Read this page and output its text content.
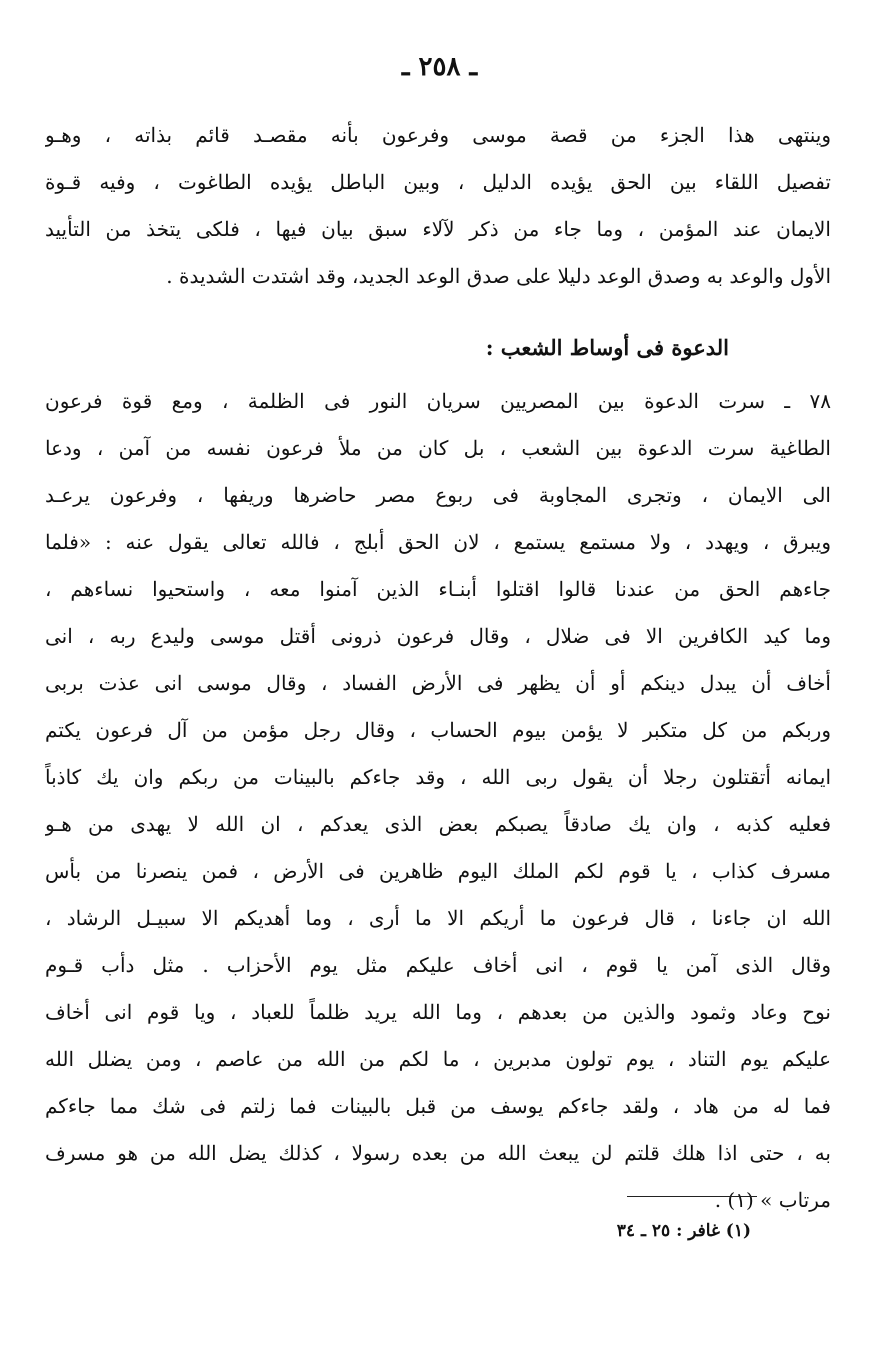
ـ ٢٥٨ ـ
وينتهى هذا الجزء من قصة موسى وفرعون بأنه مقصـد قائم بذاته ، وهـو
تفصيل اللقاء بين الحق يؤيده الدليل ، وبين الباطل يؤيده الطاغوت ، وفيه قـوة
الايمان عند المؤمن ، وما جاء من ذكر لآلاء سبق بيان فيها ، فلكى يتخذ من التأييد
الأول والوعد به وصدق الوعد دليلا على صدق الوعد الجديد، وقد اشتدت الشديدة .
الدعوة فى أوساط الشعب :
٧٨ ـ سرت الدعوة بين المصريين سريان النور فى الظلمة ، ومع قوة فرعون
الطاغية سرت الدعوة بين الشعب ، بل كان من ملأ فرعون نفسه من آمن ، ودعا
الى الايمان ، وتجرى المجاوبة فى ربوع مصر حاضرها وريفها ، وفرعون يرعـد
ويبرق ، ويهدد ، ولا مستمع يستمع ، لان الحق أبلج ، فالله تعالى يقول عنه : «فلما
جاءهم الحق من عندنا قالوا اقتلوا أبنـاء الذين آمنوا معه ، واستحيوا نساءهم ،
وما كيد الكافرين الا فى ضلال ، وقال فرعون ذرونى أقتل موسى وليدع ربه ، انى
أخاف أن يبدل دينكم أو أن يظهر فى الأرض الفساد ، وقال موسى انى عذت بربى
وربكم من كل متكبر لا يؤمن بيوم الحساب ، وقال رجل مؤمن من آل فرعون يكتم
ايمانه أتقتلون رجلا أن يقول ربى الله ، وقد جاءكم بالبينات من ربكم وان يك كاذباً
فعليه كذبه ، وان يك صادقاً يصبكم بعض الذى يعدكم ، ان الله لا يهدى من هـو
مسرف كذاب ، يا قوم لكم الملك اليوم ظاهرين فى الأرض ، فمن ينصرنا من بأس
الله ان جاءنا ، قال فرعون ما أريكم الا ما أرى ، وما أهديكم الا سبيـل الرشاد ،
وقال الذى آمن يا قوم ، انى أخاف عليكم مثل يوم الأحزاب . مثل دأب قـوم
نوح وعاد وثمود والذين من بعدهم ، وما الله يريد ظلماً للعباد ، ويا قوم انى أخاف
عليكم يوم التناد ، يوم تولون مدبرين ، ما لكم من الله من عاصم ، ومن يضلل الله
فما له من هاد ، ولقد جاءكم يوسف من قبل بالبينات فما زلتم فى شك مما جاءكم
به ، حتى اذا هلك قلتم لن يبعث الله من بعده رسولا ، كذلك يضل الله من هو مسرف
مرتاب » (١) .
(١) غافر : ٢٥ ـ ٣٤
